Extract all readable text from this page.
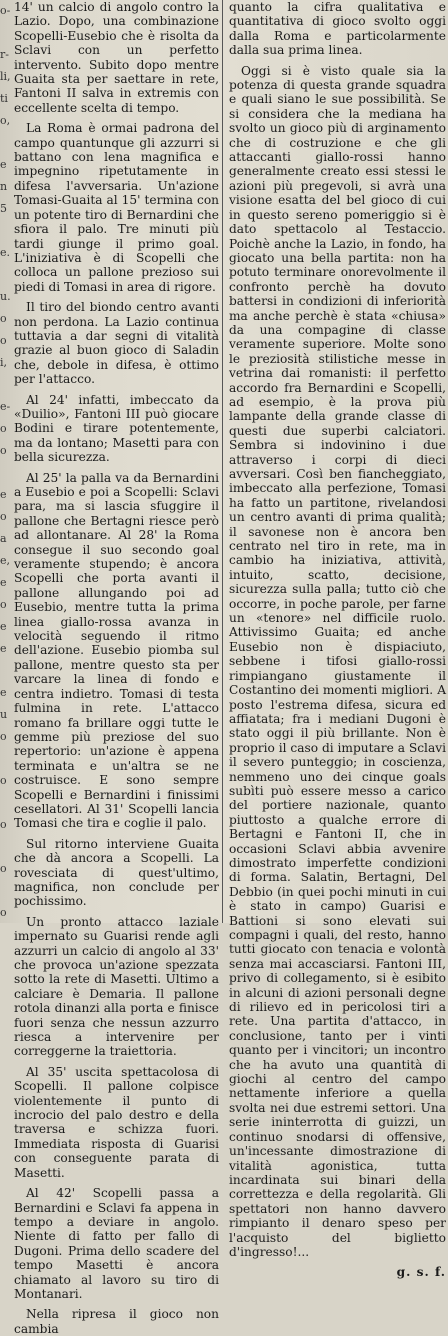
o-
r-
li,
ti
o,
e
n
5
e.
u.
o
o
i,
e-
o
o
e
o
a
e,
e
o
e
e
e
u
o
o
o
o
o

14' un calcio di angolo contro la Lazio. Dopo, una combinazione Scopelli-Eusebio che è risolta da Sclavi con un perfetto intervento. Subito dopo mentre Guaita sta per saettare in rete, Fantoni II salva in extremis con eccellente scelta di tempo.

La Roma è ormai padrona del campo quantunque gli azzurri si battano con lena magnifica e impegnino ripetutamente in difesa l'avversaria. Un'azione Tomasi-Guaita al 15' termina con un potente tiro di Bernardini che sfiora il palo. Tre minuti più tardi giunge il primo goal. L'iniziativa è di Scopelli che colloca un pallone prezioso sui piedi di Tomasi in area di rigore.

Il tiro del biondo centro avanti non perdona. La Lazio continua tuttavia a dar segni di vitalità grazie al buon gioco di Saladin che, debole in difesa, è ottimo per l'attacco.

Al 24' infatti, imbeccato da «Duilio», Fantoni III può giocare Bodini e tirare potentemente, ma da lontano; Masetti para con bella sicurezza.

Al 25' la palla va da Bernardini a Eusebio e poi a Scopelli: Sclavi para, ma si lascia sfuggire il pallone che Bertagni riesce però ad allontanare. Al 28' la Roma consegue il suo secondo goal veramente stupendo; è ancora Scopelli che porta avanti il pallone allungando poi ad Eusebio, mentre tutta la prima linea giallo-rossa avanza in velocità seguendo il ritmo dell'azione. Eusebio piomba sul pallone, mentre questo sta per varcare la linea di fondo e centra indietro. Tomasi di testa fulmina in rete. L'attacco romano fa brillare oggi tutte le gemme più preziose del suo repertorio: un'azione è appena terminata e un'altra se ne costruisce. E sono sempre Scopelli e Bernardini i finissimi cesellatori. Al 31' Scopelli lancia Tomasi che tira e coglie il palo.

Sul ritorno interviene Guaita che dà ancora a Scopelli. La rovesciata di quest'ultimo, magnifica, non conclude per pochissimo.

Un pronto attacco laziale impernato su Guarisi rende agli azzurri un calcio di angolo al 33' che provoca un'azione spezzata sotto la rete di Masetti. Ultimo a calciare è Demaria. Il pallone rotola dinanzi alla porta e finisce fuori senza che nessun azzurro riesca a intervenire per correggerne la traiettoria.

Al 35' uscita spettacolosa di Scopelli. Il pallone colpisce violentemente il punto di incrocio del palo destro e della traversa e schizza fuori. Immediata risposta di Guarisi con conseguente parata di Masetti.

Al 42' Scopelli passa a Bernardini e Sclavi fa appena in tempo a deviare in angolo. Niente di fatto per fallo di Dugoni. Prima dello scadere del tempo Masetti è ancora chiamato al lavoro su tiro di Montanari.

Nella ripresa il gioco non cambia

quanto la cifra qualitativa e quantitativa di gioco svolto oggi dalla Roma e particolarmente dalla sua prima linea.

Oggi si è visto quale sia la potenza di questa grande squadra e quali siano le sue possibilità. Se si considera che la mediana ha svolto un gioco più di arginamento che di costruzione e che gli attaccanti giallo-rossi hanno generalmente creato essi stessi le azioni più pregevoli, si avrà una visione esatta del bel gioco di cui in questo sereno pomeriggio si è dato spettacolo al Testaccio. Poichè anche la Lazio, in fondo, ha giocato una bella partita: non ha potuto terminare onorevolmente il confronto perchè ha dovuto battersi in condizioni di inferiorità ma anche perchè è stata «chiusa» da una compagine di classe veramente superiore. Molte sono le preziosità stilistiche messe in vetrina dai romanisti: il perfetto accordo fra Bernardini e Scopelli, ad esempio, è la prova più lampante della grande classe di questi due superbi calciatori. Sembra si indovinino i due attraverso i corpi di dieci avversari. Così ben fiancheggiato, imbeccato alla perfezione, Tomasi ha fatto un partitone, rivelandosi un centro avanti di prima qualità; il savonese non è ancora ben centrato nel tiro in rete, ma in cambio ha iniziativa, attività, intuito, scatto, decisione, sicurezza sulla palla; tutto ciò che occorre, in poche parole, per farne un «tenore» nel difficile ruolo. Attivissimo Guaita; ed anche Eusebio non è dispiaciuto, sebbene i tifosi giallo-rossi rimpiangano giustamente il Costantino dei momenti migliori. A posto l'estrema difesa, sicura ed affiatata; fra i mediani Dugoni è stato oggi il più brillante. Non è proprio il caso di imputare a Sclavi il severo punteggio; in coscienza, nemmeno uno dei cinque goals subìti può essere messo a carico del portiere nazionale, quanto piuttosto a qualche errore di Bertagni e Fantoni II, che in occasioni Sclavi abbia avvenire dimostrato imperfette condizioni di forma. Salatin, Bertagni, Del Debbio (in quei pochi minuti in cui è stato in campo) Guarisi e Battioni si sono elevati sui compagni i quali, del resto, hanno tutti giocato con tenacia e volontà senza mai accasciarsi. Fantoni III, privo di collegamento, si è esibito in alcuni di azioni personali degne di rilievo ed in pericolosi tiri a rete. Una partita d'attacco, in conclusione, tanto per i vinti quanto per i vincitori; un incontro che ha avuto una quantità di giochi al centro del campo nettamente inferiore a quella svolta nei due estremi settori. Una serie ininterrotta di guizzi, un continuo snodarsi di offensive, un'incessante dimostrazione di vitalità agonistica, tutta incardinata sui binari della correttezza e della regolarità. Gli spettatori non hanno davvero rimpianto il denaro speso per l'acquisto del biglietto d'ingresso!...

g. s. f.
